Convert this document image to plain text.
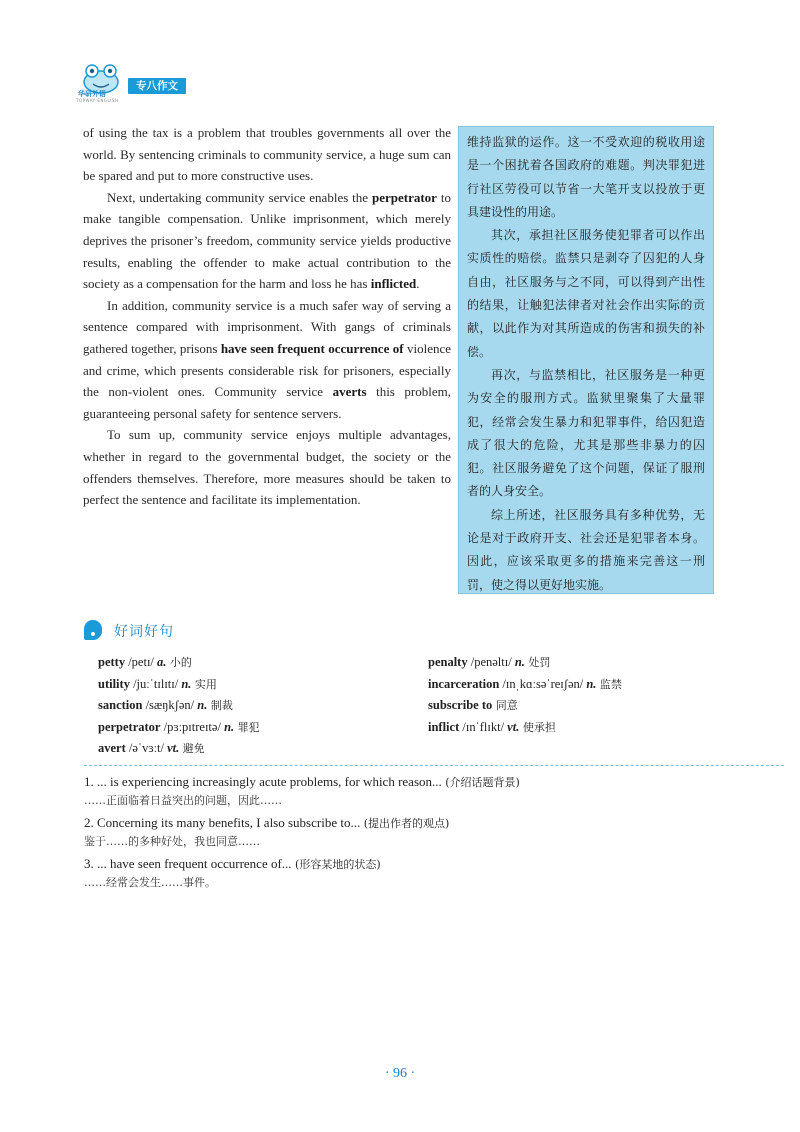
华研外语
TOPWAY ENGLISH
专八作文

of using the tax is a problem that troubles governments all over the world. By sentencing criminals to community service, a huge sum can be spared and put to more constructive uses.

Next, undertaking community service enables the perpetrator to make tangible compensation. Unlike imprisonment, which merely deprives the prisoner’s freedom, community service yields productive results, enabling the offender to make actual contribution to the society as a compensation for the harm and loss he has inflicted.

In addition, community service is a much safer way of serving a sentence compared with imprisonment. With gangs of criminals gathered together, prisons have seen frequent occurrence of violence and crime, which presents considerable risk for prisoners, especially the non-violent ones. Community service averts this problem, guaranteeing personal safety for sentence servers.

To sum up, community service enjoys multiple advantages, whether in regard to the governmental budget, the society or the offenders themselves. Therefore, more measures should be taken to perfect the sentence and facilitate its implementation.

维持监狱的运作。这一不受欢迎的税收用途是一个困扰着各国政府的难题。判决罪犯进行社区劳役可以节省一大笔开支以投放于更具建设性的用途。

其次，承担社区服务使犯罪者可以作出实质性的赔偿。监禁只是剥夺了囚犯的人身自由，社区服务与之不同，可以得到产出性的结果，让触犯法律者对社会作出实际的贡献，以此作为对其所造成的伤害和损失的补偿。

再次，与监禁相比，社区服务是一种更为安全的服刑方式。监狱里聚集了大量罪犯，经常会发生暴力和犯罪事件，给囚犯造成了很大的危险，尤其是那些非暴力的囚犯。社区服务避免了这个问题，保证了服刑者的人身安全。

综上所述，社区服务具有多种优势，无论是对于政府开支、社会还是犯罪者本身。因此，应该采取更多的措施来完善这一刑罚，使之得以更好地实施。

好词好句
petty /petɪ/ a. 小的	penalty /penəltɪ/ n. 处罚
utility /juːˈtɪlɪtɪ/ n. 实用	incarceration /ɪnˌkɑːsəˈreɪʃən/ n. 监禁
sanction /sæŋkʃən/ n. 制裁	subscribe to 同意
perpetrator /pɜːpɪtreɪtə/ n. 罪犯	inflict /ɪnˈflɪkt/ vt. 使承担
avert /əˈvɜːt/ vt. 避免
1. ... is experiencing increasingly acute problems, for which reason... (介绍话题背景)
……正面临着日益突出的问题，因此……
2. Concerning its many benefits, I also subscribe to... (提出作者的观点)
鉴于……的多种好处，我也同意……
3. ... have seen frequent occurrence of... (形容某地的状态)
……经常会发生……事件。
· 96 ·
